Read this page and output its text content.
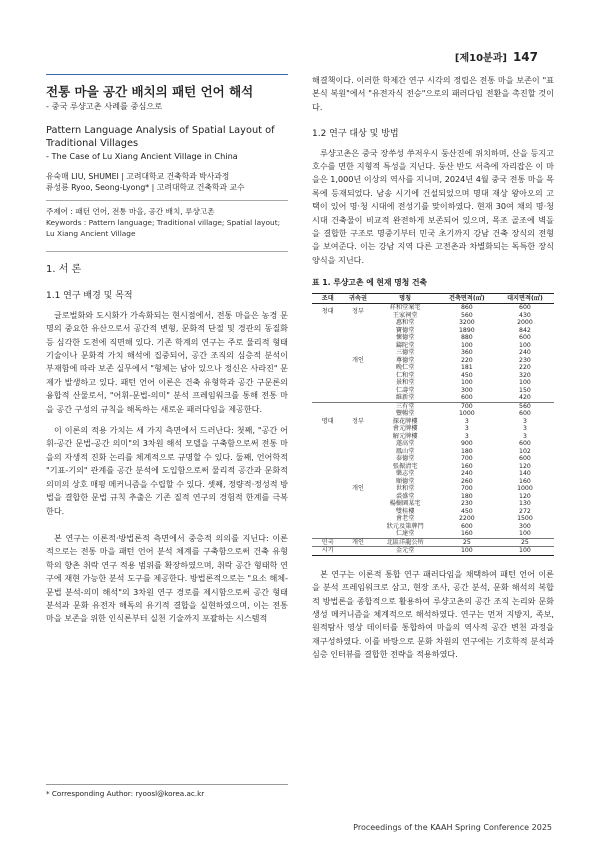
[제10분과] 147
전통 마을 공간 배치의 패턴 언어 해석
- 중국 루샹고촌 사례를 중심으로
Pattern Language Analysis of Spatial Layout of Traditional Villages
- The Case of Lu Xiang Ancient Village in China
유숙매 LIU, SHUMEI | 고려대학교 건축학과 박사과정
류성룡 Ryoo, Seong-Lyong* | 고려대학교 건축학과 교수
주제어 : 패턴 언어, 전통 마을, 공간 배치, 루샹고촌
Keywords : Pattern language; Traditional village; Spatial layout; Lu Xiang Ancient Village
1. 서 론
1.1 연구 배경 및 목적

글로벌화와 도시화가 가속화되는 현시점에서, 전통 마을은 농경 문명의 중요한 유산으로서 공간적 변형, 문화적 단절 및 경관의 동질화 등 심각한 도전에 직면해 있다. 기존 학계의 연구는 주로 물리적 형태 기술이나 문화적 가치 해석에 집중되어, 공간 조직의 심층적 분석이 부재함에 따라 보존 실무에서 "형체는 남아 있으나 정신은 사라진" 문제가 발생하고 있다. 패턴 언어 이론은 건축 유형학과 공간 구문론의 융합적 산물로서, "어휘-문법-의미" 분석 프레임워크를 통해 전통 마을 공간 구성의 규칙을 해독하는 새로운 패러다임을 제공한다.

이 이론의 적용 가치는 세 가지 측면에서 드러난다: 첫째, "공간 어휘-공간 문법-공간 의미"의 3차원 해석 모델을 구축함으로써 전통 마을의 자생적 진화 논리를 체계적으로 규명할 수 있다. 둘째, 언어학적 "기표-기의" 관계를 공간 분석에 도입함으로써 물리적 공간과 문화적 의미의 상호 매핑 메커니즘을 수립할 수 있다. 셋째, 정량적·정성적 방법을 결합한 문법 규칙 추출은 기존 질적 연구의 경험적 한계를 극복한다.

본 연구는 이론적·방법론적 측면에서 중층적 의의를 지닌다: 이론적으로는 전통 마을 패턴 언어 분석 체계를 구축함으로써 건축 유형학의 향촌 취락 연구 적용 범위를 확장하였으며, 취락 공간 형태학 연구에 재현 가능한 분석 도구를 제공한다. 방법론적으로는 "요소 해체-문법 분석-의미 해석"의 3차원 연구 경로를 제시함으로써 공간 형태 분석과 문화 유전자 해독의 유기적 결합을 실현하였으며, 이는 전통 마을 보존을 위한 인식론부터 실천 기술까지 포괄하는 시스템적

해결책이다. 이러한 학제간 연구 시각의 정립은 전통 마을 보존이 "표본식 복원"에서 "유전자식 전승"으로의 패러다임 전환을 촉진할 것이다.

1.2 연구 대상 및 방법

루샹고촌은 중국 장쑤성 쑤저우시 둥산진에 위치하며, 산을 등지고 호수를 면한 지형적 특성을 지닌다. 둥산 반도 서측에 자리잡은 이 마을은 1,000년 이상의 역사를 지니며, 2024년 4월 중국 전통 마을 목록에 등재되었다. 남송 시기에 건설되었으며 명대 재상 왕아오의 고택이 있어 명·청 시대에 전성기를 맞이하였다. 현재 30여 채의 명·청 시대 건축물이 비교적 완전하게 보존되어 있으며, 목조 골조에 벽돌을 결합한 구조로 명중기부터 민국 초기까지 강남 건축 장식의 전형을 보여준다. 이는 강남 지역 다른 고전촌과 차별화되는 독특한 장식 양식을 지닌다.

표 1. 루샹고촌 에 현재 명청 건축
조대	귀속권	명칭	건축면적(㎡)	대지면적(㎡)
청대	정부	祥和堂案宅	860	600
		王家祠堂	560	430
	개인	惠和堂	3200	2000
		寶德堂	1890	842
		懷德堂	880	600
		鑄陀堂	100	100
		三德堂	360	240
		尊德堂	220	230
		晚仁堂	181	220
		仁和堂	450	320
		景和堂	100	100
		仁壽堂	300	150
		維新堂	600	420
명대	정부	三有堂	700	560
		豐暢堂	1000	600
		探花牌樓	3	3
		會元牌樓	3	3
		解元牌樓	3	3
	개인	遂高堂	900	600
		鳳山堂	180	102
		泰德堂	700	600
		張振清宅	160	120
		樂志堂	240	140
		順德堂	260	160
		世和堂	700	1000
		裘盛堂	180	120
		楊樹園某宅	230	130
		雙桂樓	450	272
		會老堂	2200	1500
		狀元及第牌門	600	300
		仁達堂	160	100
민국	개인	北區洋龍公所	25	25
시기		金元堂	100	100

본 연구는 이론적 통합 연구 패러다임을 채택하여 패턴 언어 이론을 분석 프레임워크로 삼고, 현장 조사, 공간 분석, 문화 해석의 복합적 방법론을 종합적으로 활용하여 루샹고촌의 공간 조직 논리와 문화 생성 메커니즘을 체계적으로 해석하였다. 연구는 먼저 지방지, 족보, 원적탐사 영상 데이터를 통합하여 마을의 역사적 공간 변천 과정을 재구성하였다. 이를 바탕으로 문화 차원의 연구에는 기호학적 분석과 심층 인터뷰를 결합한 전략을 적용하였다.

* Corresponding Author: ryoosl@korea.ac.kr
Proceedings of the KAAH Spring Conference 2025
